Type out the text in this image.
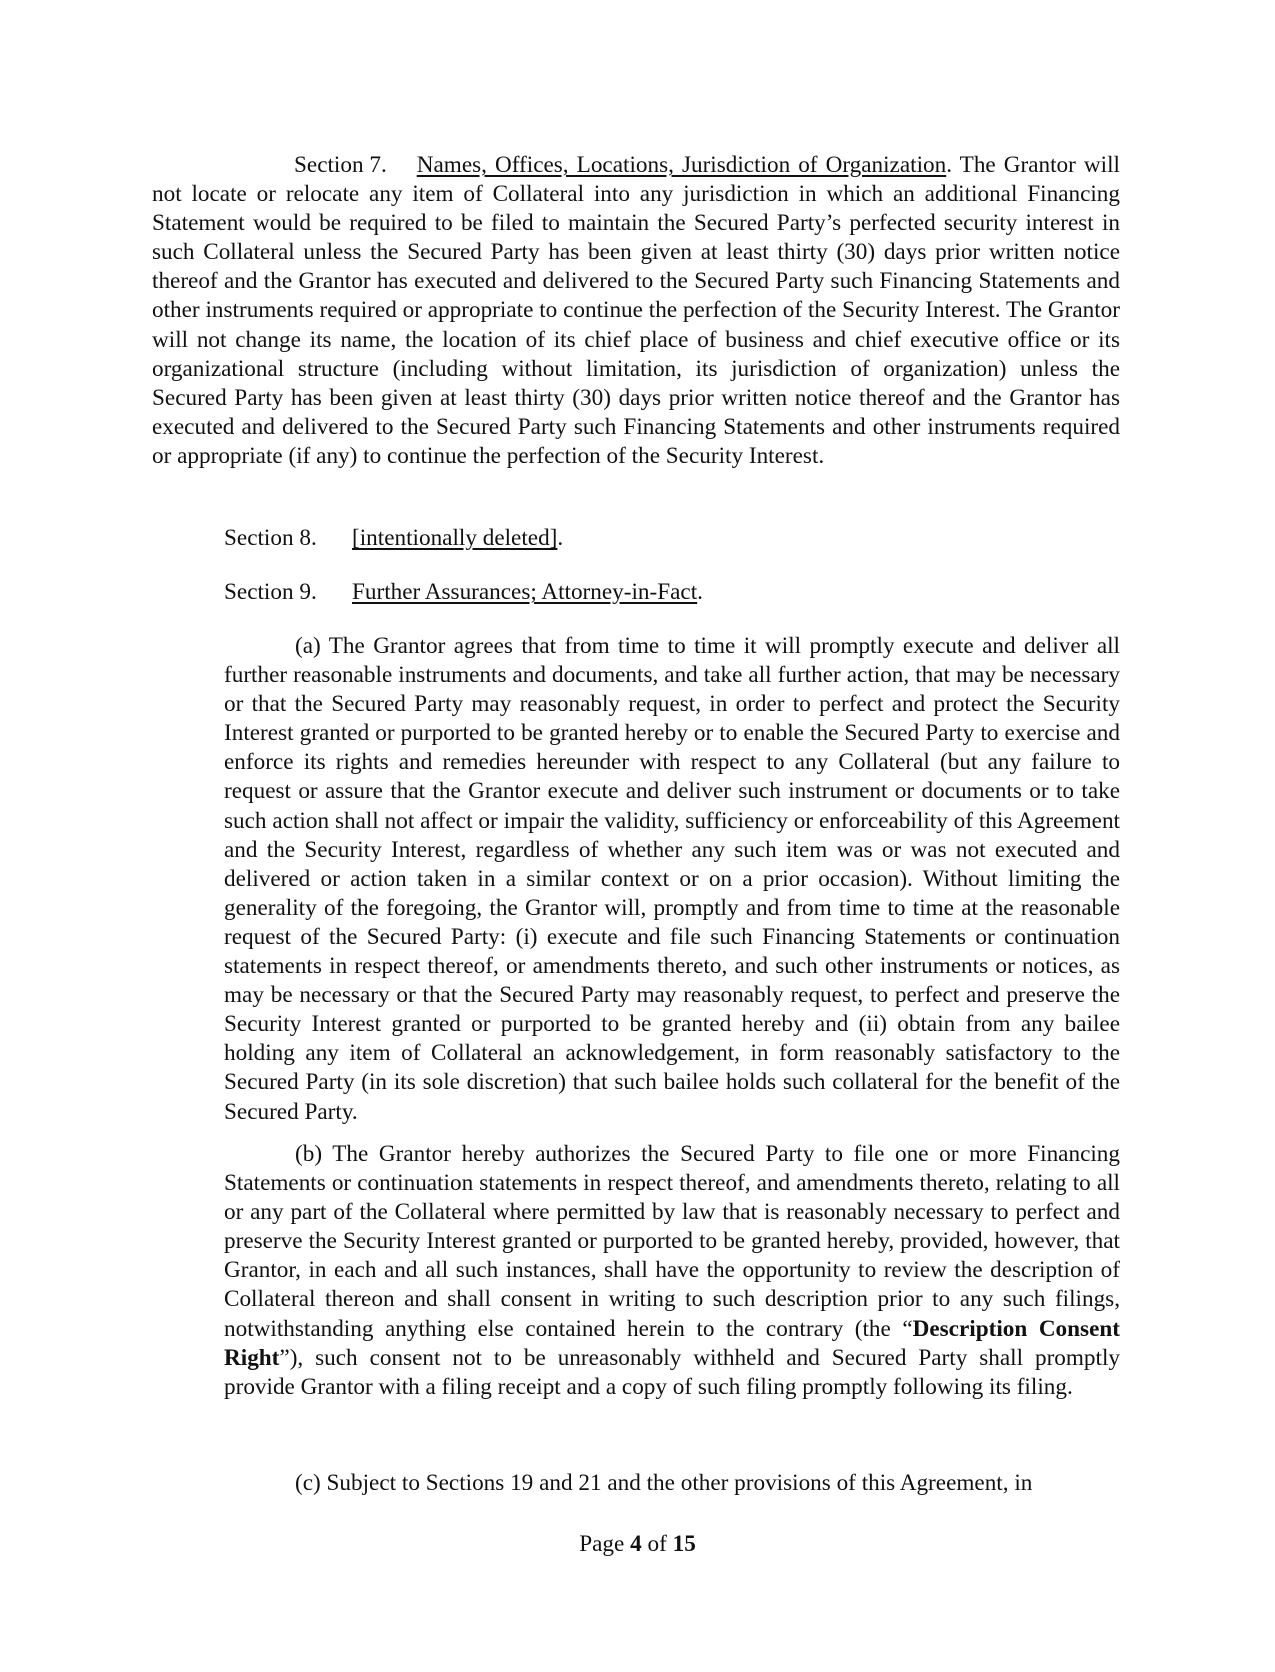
Section 7. Names, Offices, Locations, Jurisdiction of Organization. The Grantor will not locate or relocate any item of Collateral into any jurisdiction in which an additional Financing Statement would be required to be filed to maintain the Secured Party’s perfected security interest in such Collateral unless the Secured Party has been given at least thirty (30) days prior written notice thereof and the Grantor has executed and delivered to the Secured Party such Financing Statements and other instruments required or appropriate to continue the perfection of the Security Interest. The Grantor will not change its name, the location of its chief place of business and chief executive office or its organizational structure (including without limitation, its jurisdiction of organization) unless the Secured Party has been given at least thirty (30) days prior written notice thereof and the Grantor has executed and delivered to the Secured Party such Financing Statements and other instruments required or appropriate (if any) to continue the perfection of the Security Interest.
Section 8. [intentionally deleted].
Section 9. Further Assurances; Attorney-in-Fact.
(a) The Grantor agrees that from time to time it will promptly execute and deliver all further reasonable instruments and documents, and take all further action, that may be necessary or that the Secured Party may reasonably request, in order to perfect and protect the Security Interest granted or purported to be granted hereby or to enable the Secured Party to exercise and enforce its rights and remedies hereunder with respect to any Collateral (but any failure to request or assure that the Grantor execute and deliver such instrument or documents or to take such action shall not affect or impair the validity, sufficiency or enforceability of this Agreement and the Security Interest, regardless of whether any such item was or was not executed and delivered or action taken in a similar context or on a prior occasion). Without limiting the generality of the foregoing, the Grantor will, promptly and from time to time at the reasonable request of the Secured Party: (i) execute and file such Financing Statements or continuation statements in respect thereof, or amendments thereto, and such other instruments or notices, as may be necessary or that the Secured Party may reasonably request, to perfect and preserve the Security Interest granted or purported to be granted hereby and (ii) obtain from any bailee holding any item of Collateral an acknowledgement, in form reasonably satisfactory to the Secured Party (in its sole discretion) that such bailee holds such collateral for the benefit of the Secured Party.
(b) The Grantor hereby authorizes the Secured Party to file one or more Financing Statements or continuation statements in respect thereof, and amendments thereto, relating to all or any part of the Collateral where permitted by law that is reasonably necessary to perfect and preserve the Security Interest granted or purported to be granted hereby, provided, however, that Grantor, in each and all such instances, shall have the opportunity to review the description of Collateral thereon and shall consent in writing to such description prior to any such filings, notwithstanding anything else contained herein to the contrary (the “Description Consent Right”), such consent not to be unreasonably withheld and Secured Party shall promptly provide Grantor with a filing receipt and a copy of such filing promptly following its filing.
(c) Subject to Sections 19 and 21 and the other provisions of this Agreement, in
Page 4 of 15
